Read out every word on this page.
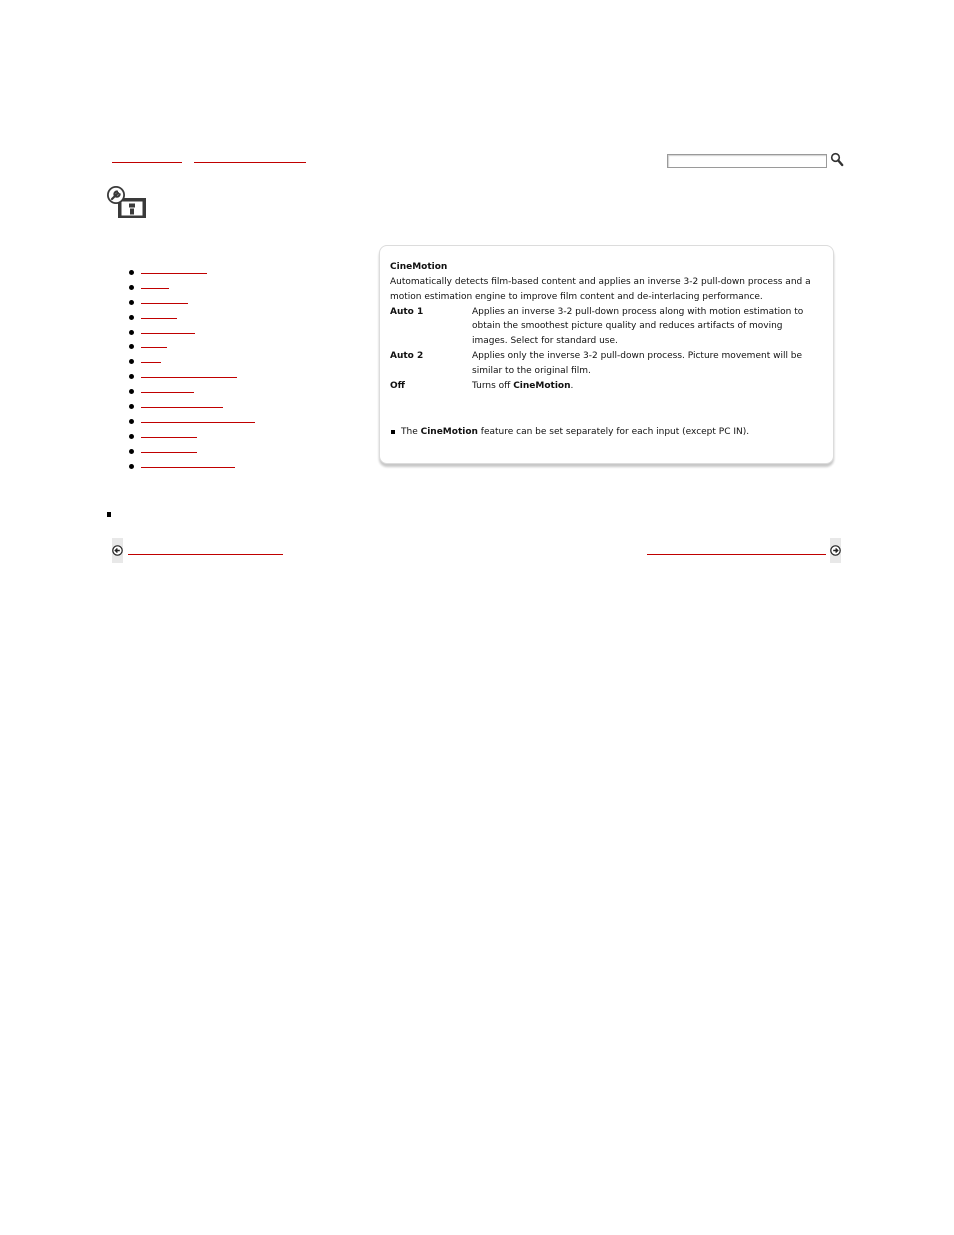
CineMotion
Automatically detects film-based content and applies an inverse 3-2 pull-down process and a
motion estimation engine to improve film content and de-interlacing performance.
Auto 1	Applies an inverse 3-2 pull-down process along with motion estimation to
obtain the smoothest picture quality and reduces artifacts of moving
images. Select for standard use.
Auto 2	Applies only the inverse 3-2 pull-down process. Picture movement will be
similar to the original film.
Off	Turns off CineMotion.
The CineMotion feature can be set separately for each input (except PC IN).
